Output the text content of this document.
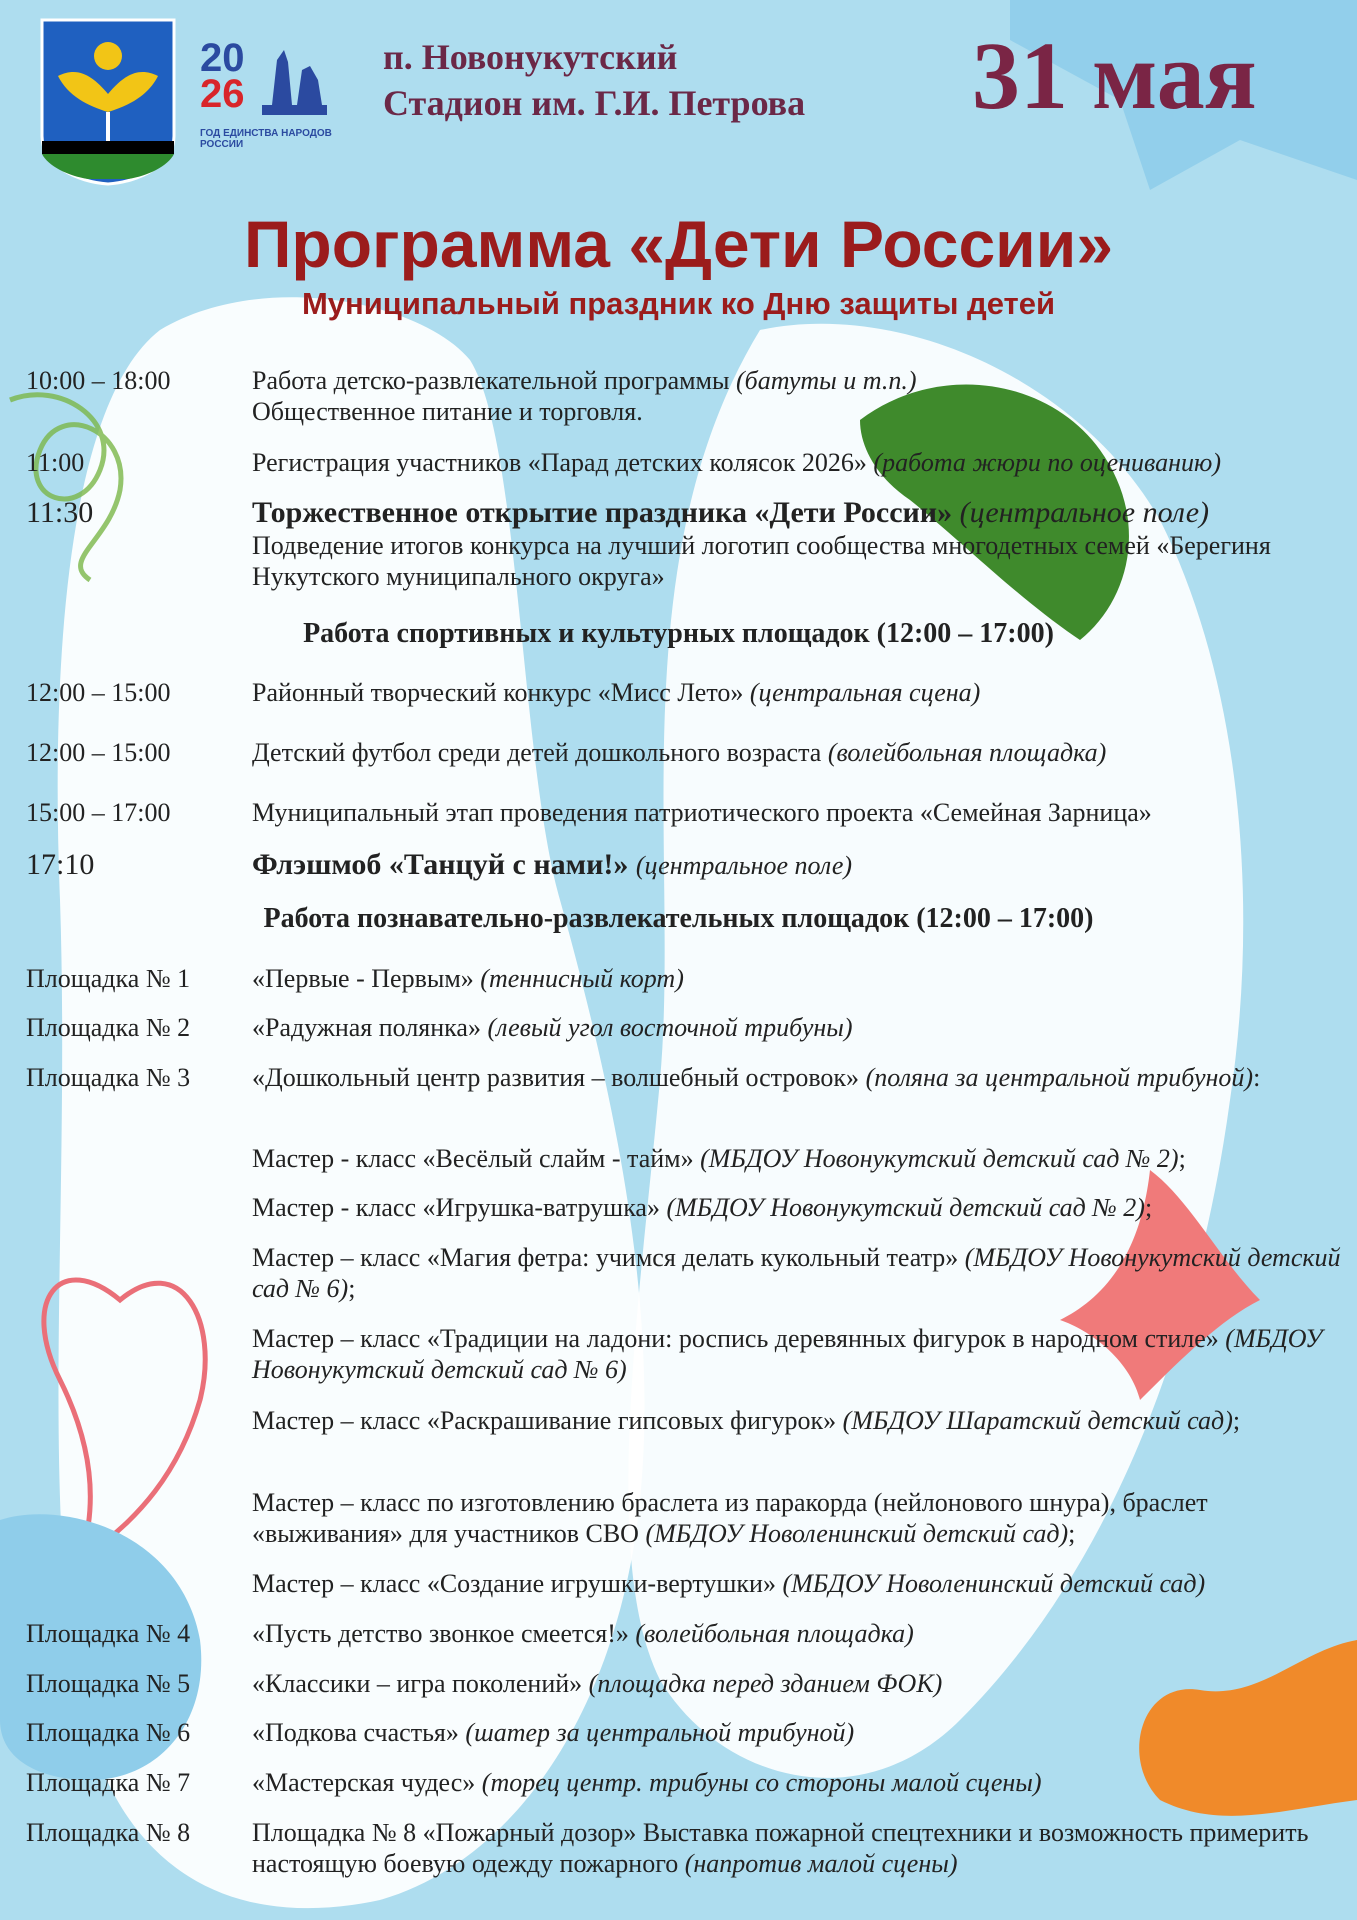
20
26
ГОД ЕДИНСТВА НАРОДОВ РОССИИ
п. Новонукутский
Стадион им. Г.И. Петрова 31 мая
Программа «Дети России»
Муниципальный праздник ко Дню защиты детей
10:00 – 18:00	Работа детско-развлекательной программы (батуты и т.п.)
Общественное питание и торговля.
11:00	Регистрация участников «Парад детских колясок 2026» (работа жюри по оцениванию)
11:30	Торжественное открытие праздника «Дети России» (центральное поле)
Подведение итогов конкурса на лучший логотип сообщества многодетных семей «Берегиня Нукутского муниципального округа»
Работа спортивных и культурных площадок (12:00 – 17:00)
12:00 – 15:00	Районный творческий конкурс «Мисс Лето» (центральная сцена)
12:00 – 15:00	Детский футбол среди детей дошкольного возраста (волейбольная площадка)
15:00 – 17:00	Муниципальный этап проведения патриотического проекта «Семейная Зарница»
17:10	Флэшмоб «Танцуй с нами!» (центральное поле)
Работа познавательно-развлекательных площадок (12:00 – 17:00)
Площадка № 1 «Первые - Первым» (теннисный корт)
Площадка № 2 «Радужная полянка» (левый угол восточной трибуны)
Площадка № 3 «Дошкольный центр развития – волшебный островок» (поляна за центральной трибуной):
Мастер - класс «Весёлый слайм - тайм» (МБДОУ Новонукутский детский сад № 2);
Мастер - класс «Игрушка-ватрушка» (МБДОУ Новонукутский детский сад № 2);
Мастер – класс «Магия фетра: учимся делать кукольный театр» (МБДОУ Новонукутский детский сад № 6);
Мастер – класс «Традиции на ладони: роспись деревянных фигурок в народном стиле» (МБДОУ Новонукутский детский сад № 6)
Мастер – класс «Раскрашивание гипсовых фигурок» (МБДОУ Шаратский детский сад);
Мастер – класс по изготовлению браслета из паракорда (нейлонового шнура), браслет «выживания» для участников СВО (МБДОУ Новоленинский детский сад);
Мастер – класс «Создание игрушки-вертушки» (МБДОУ Новоленинский детский сад)
Площадка № 4 «Пусть детство звонкое смеется!» (волейбольная площадка)
Площадка № 5 «Классики – игра поколений» (площадка перед зданием ФОК)
Площадка № 6 «Подкова счастья» (шатер за центральной трибуной)
Площадка № 7 «Мастерская чудес» (торец центр. трибуны со стороны малой сцены)
Площадка № 8 Площадка № 8 «Пожарный дозор» Выставка пожарной спецтехники и возможность примерить настоящую боевую одежду пожарного (напротив малой сцены)
